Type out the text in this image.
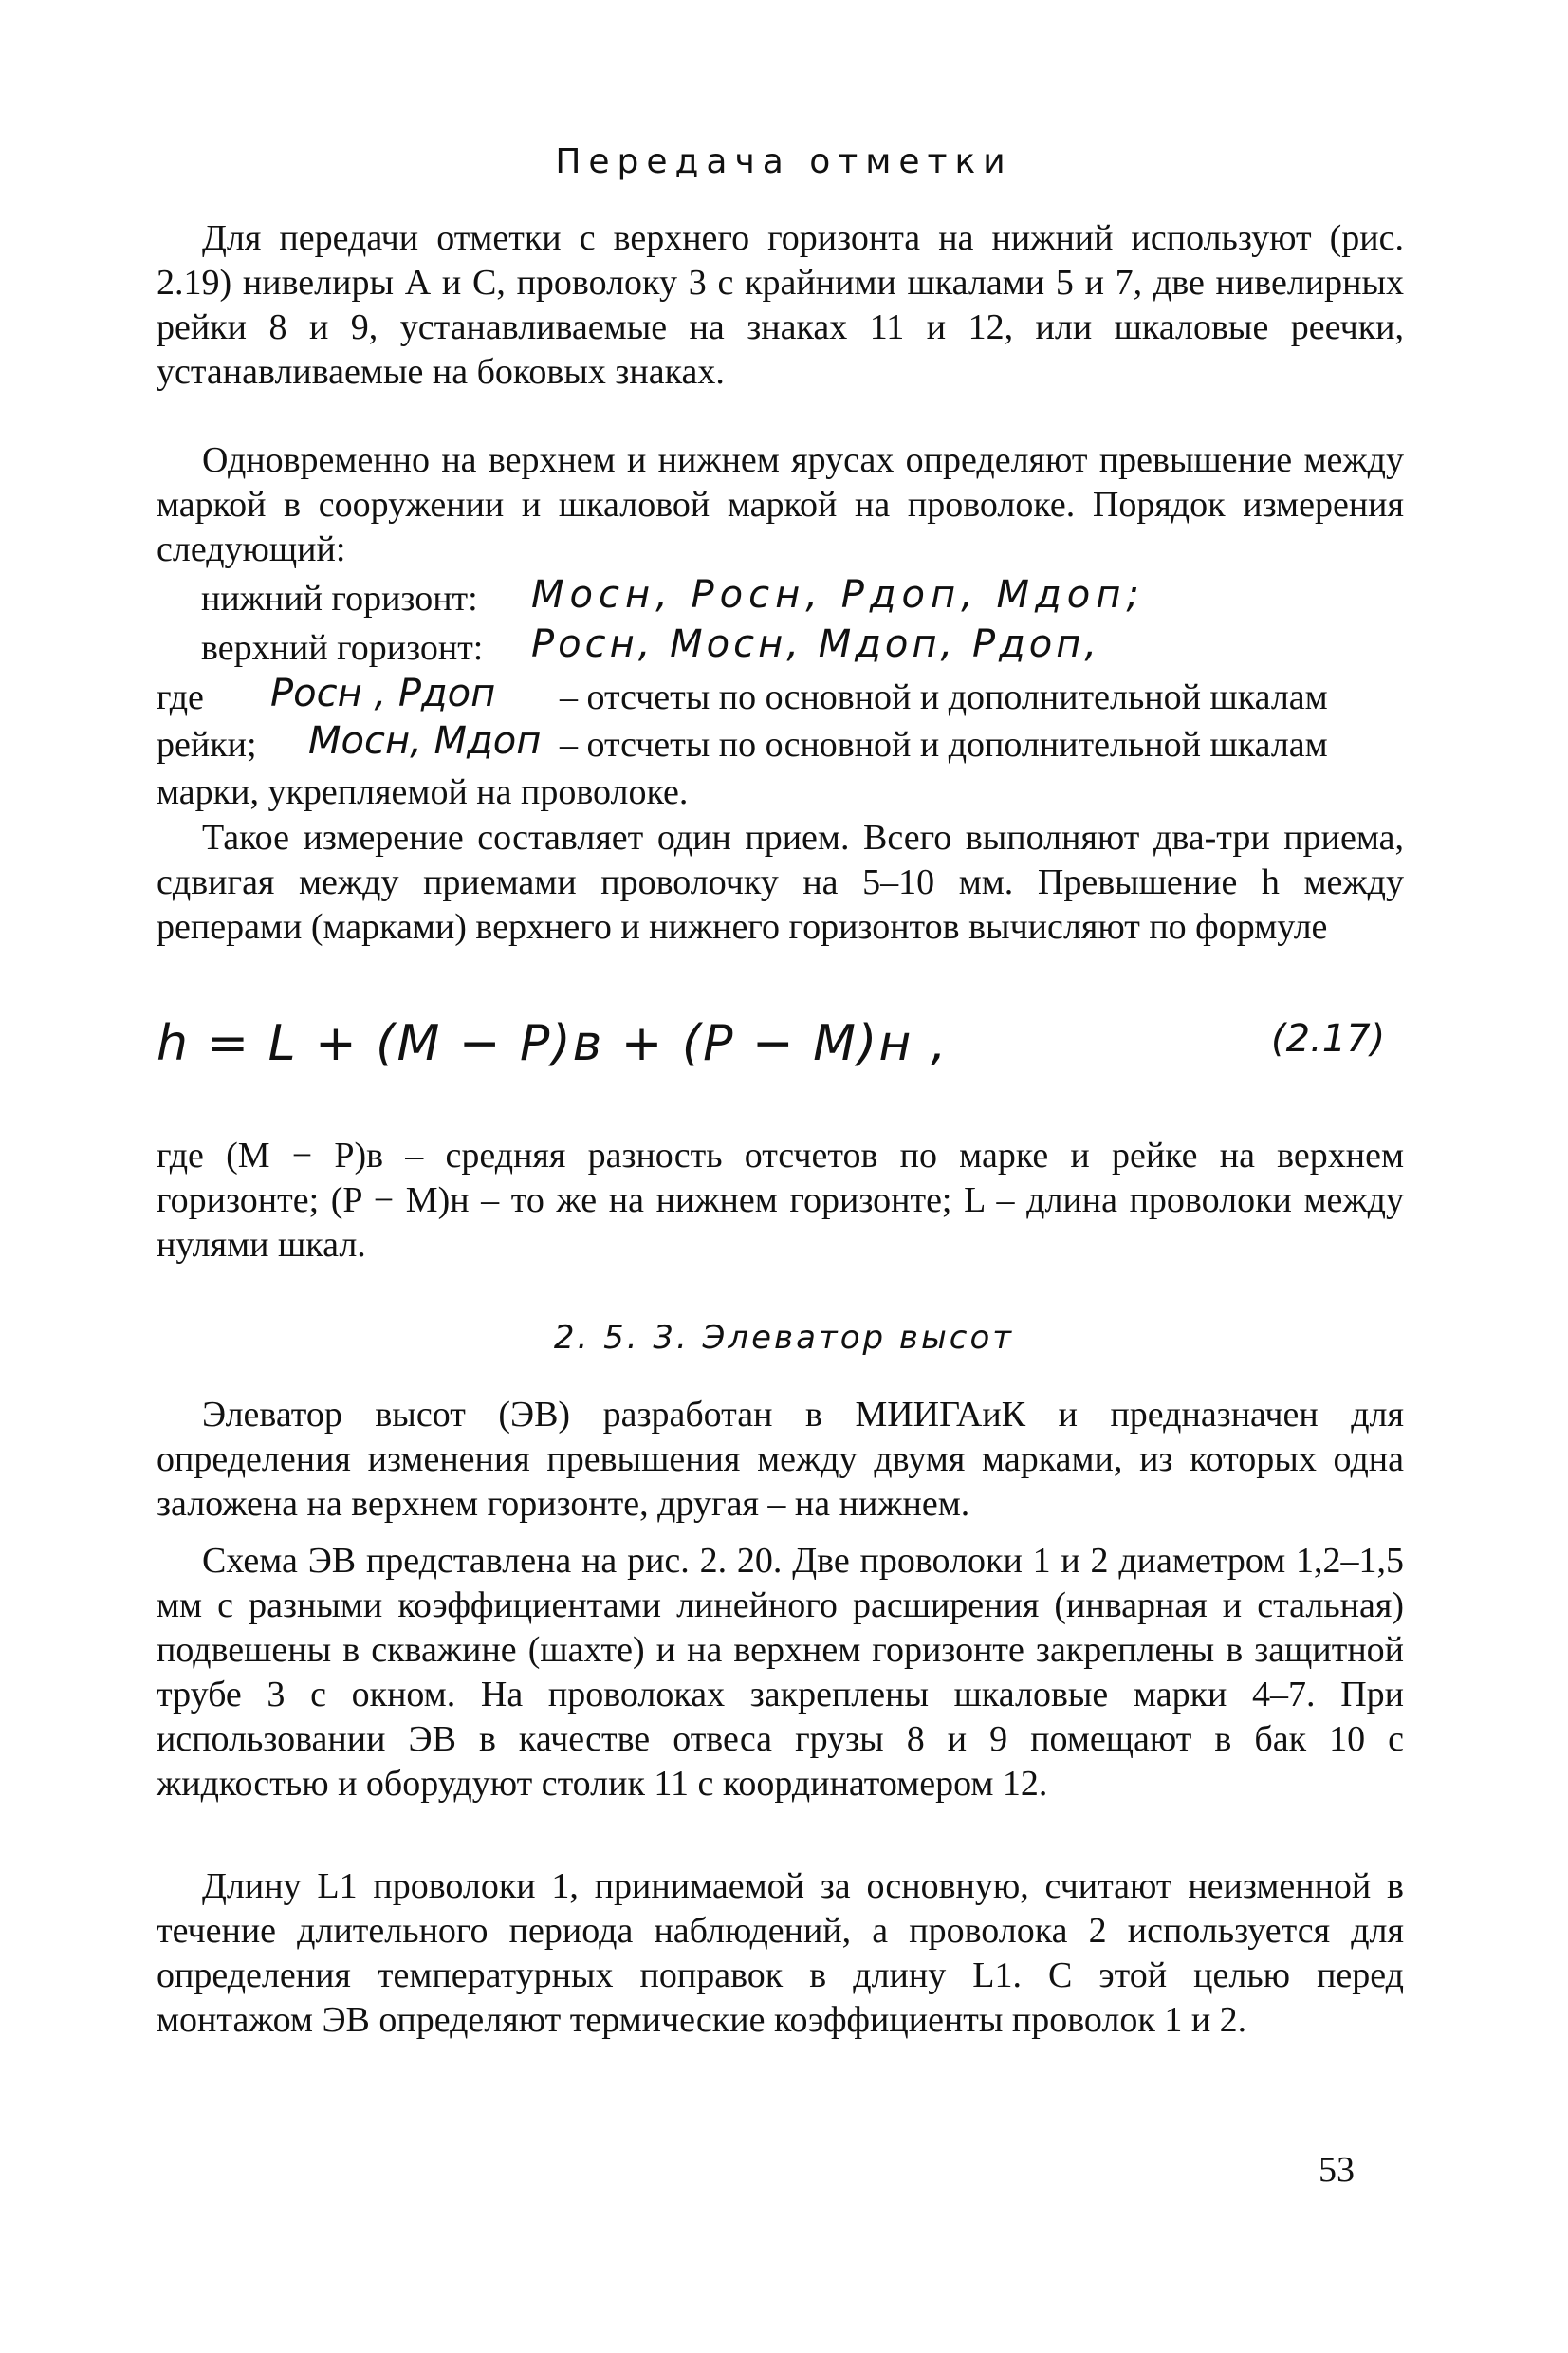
Передача отметки

Для передачи отметки с верхнего горизонта на нижний используют (рис. 2.19) нивелиры А и С, проволоку 3 с крайними шкалами 5 и 7, две нивелирных рейки 8 и 9, устанавливаемые на знаках 11 и 12, или шкаловые реечки, устанавливаемые на боковых знаках.

Одновременно на верхнем и нижнем ярусах определяют превышение между маркой в сооружении и шкаловой маркой на проволоке. Порядок измерения следующий:

нижний горизонт: Mосн, Pосн, Pдоп, Mдоп;
верхний горизонт: Pосн, Mосн, Mдоп, Pдоп,
где Pосн , Pдоп – отсчеты по основной и дополнительной шкалам
рейки; Mосн, Mдоп – отсчеты по основной и дополнительной шкалам
марки, укрепляемой на проволоке.

Такое измерение составляет один прием. Всего выполняют два-три приема, сдвигая между приемами проволочку на 5–10 мм. Превышение h между реперами (марками) верхнего и нижнего горизонтов вычисляют по формуле

h = L + (M − P)в + (P − M)н ,	(2.17)

где (M − P)в – средняя разность отсчетов по марке и рейке на верхнем горизонте; (P − M)н – то же на нижнем горизонте; L – длина проволоки между нулями шкал.

2. 5. 3. Элеватор высот

Элеватор высот (ЭВ) разработан в МИИГАиК и предназначен для определения изменения превышения между двумя марками, из которых одна заложена на верхнем горизонте, другая – на нижнем.

Схема ЭВ представлена на рис. 2. 20. Две проволоки 1 и 2 диаметром 1,2–1,5 мм с разными коэффициентами линейного расширения (инварная и стальная) подвешены в скважине (шахте) и на верхнем горизонте закреплены в защитной трубе 3 с окном. На проволоках закреплены шкаловые марки 4–7. При использовании ЭВ в качестве отвеса грузы 8 и 9 помещают в бак 10 с жидкостью и оборудуют столик 11 с координатомером 12.

Длину L1 проволоки 1, принимаемой за основную, считают неизменной в течение длительного периода наблюдений, а проволока 2 используется для определения температурных поправок в длину L1. С этой целью перед монтажом ЭВ определяют термические коэффициенты проволок 1 и 2.

53
